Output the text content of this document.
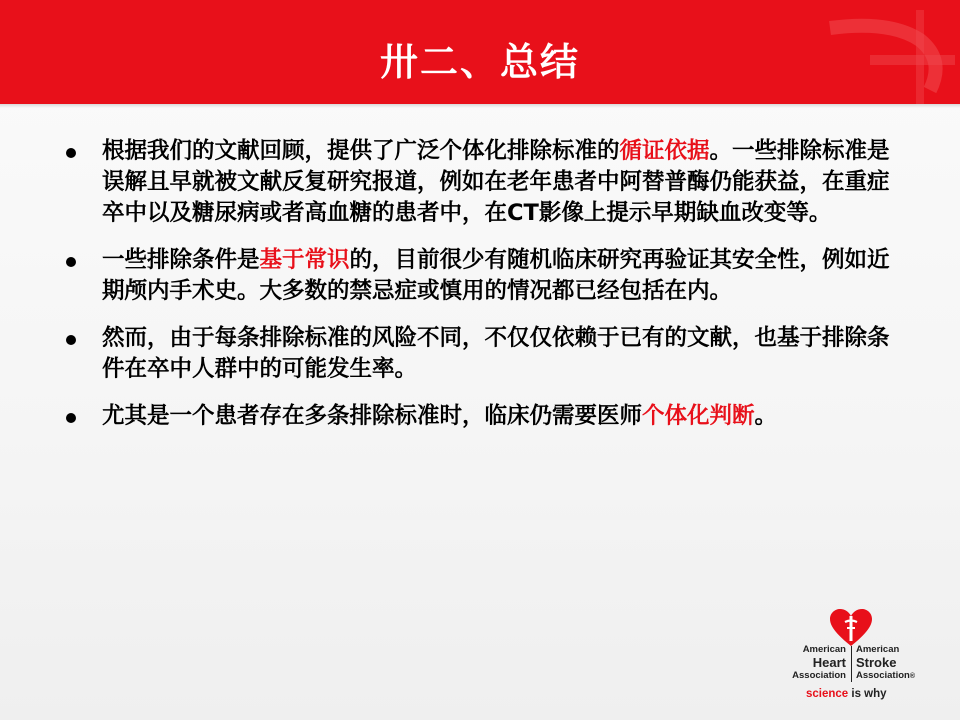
卅二、总结
根据我们的文献回顾，提供了广泛个体化排除标准的循证依据。一些排除标准是误解且早就被文献反复研究报道，例如在老年患者中阿替普酶仍能获益，在重症卒中以及糖尿病或者高血糖的患者中，在CT影像上提示早期缺血改变等。
一些排除条件是基于常识的，目前很少有随机临床研究再验证其安全性，例如近期颅内手术史。大多数的禁忌症或慎用的情况都已经包括在内。
然而，由于每条排除标准的风险不同，不仅仅依赖于已有的文献，也基于排除条件在卒中人群中的可能发生率。
尤其是一个患者存在多条排除标准时，临床仍需要医师个体化判断。
American
Heart
Association
American
Stroke
Association®
science is why
